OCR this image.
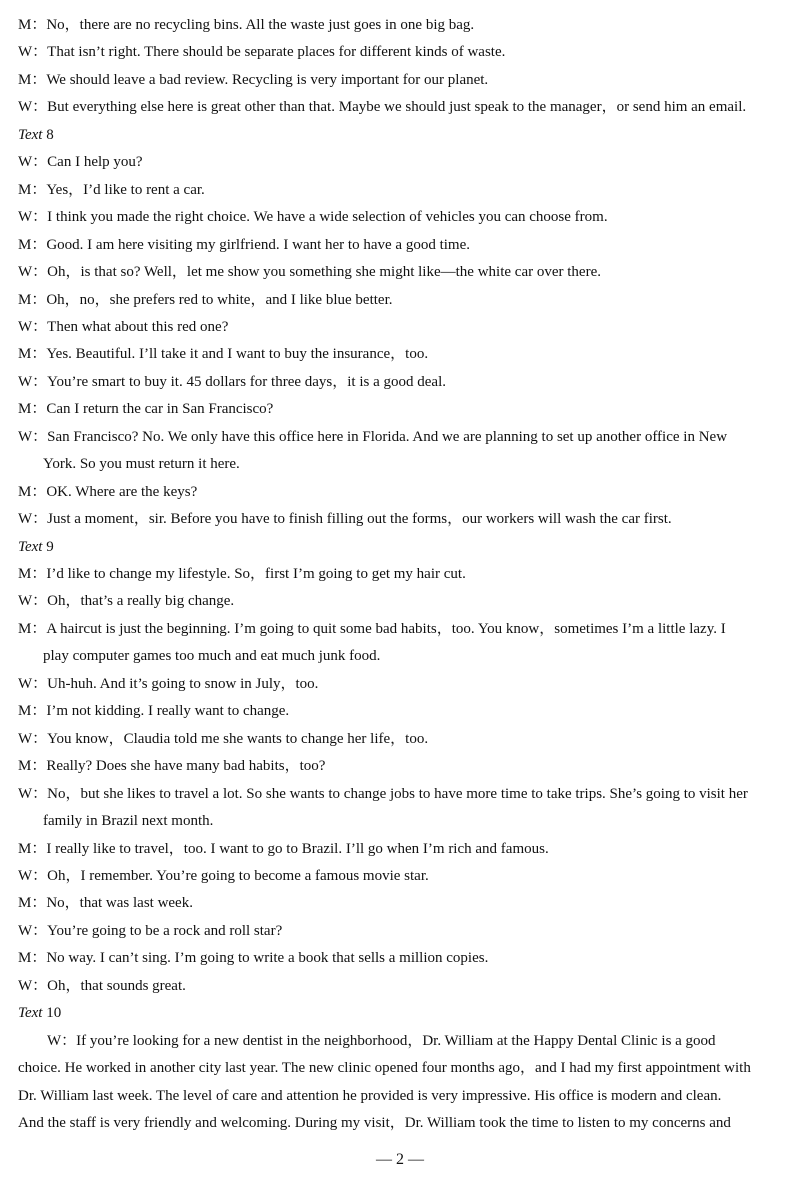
M：No，there are no recycling bins. All the waste just goes in one big bag.
W：That isn’t right. There should be separate places for different kinds of waste.
M：We should leave a bad review. Recycling is very important for our planet.
W：But everything else here is great other than that. Maybe we should just speak to the manager，or send him an email.
Text 8
W：Can I help you?
M：Yes，I’d like to rent a car.
W：I think you made the right choice. We have a wide selection of vehicles you can choose from.
M：Good. I am here visiting my girlfriend. I want her to have a good time.
W：Oh，is that so? Well，let me show you something she might like—the white car over there.
M：Oh，no，she prefers red to white，and I like blue better.
W：Then what about this red one?
M：Yes. Beautiful. I’ll take it and I want to buy the insurance，too.
W：You’re smart to buy it. 45 dollars for three days，it is a good deal.
M：Can I return the car in San Francisco?
W：San Francisco? No. We only have this office here in Florida. And we are planning to set up another office in New
York. So you must return it here.
M：OK. Where are the keys?
W：Just a moment，sir. Before you have to finish filling out the forms，our workers will wash the car first.
Text 9
M：I’d like to change my lifestyle. So，first I’m going to get my hair cut.
W：Oh，that’s a really big change.
M：A haircut is just the beginning. I’m going to quit some bad habits，too. You know，sometimes I’m a little lazy. I
play computer games too much and eat much junk food.
W：Uh-huh. And it’s going to snow in July，too.
M：I’m not kidding. I really want to change.
W：You know，Claudia told me she wants to change her life，too.
M：Really? Does she have many bad habits，too?
W：No，but she likes to travel a lot. So she wants to change jobs to have more time to take trips. She’s going to visit her
family in Brazil next month.
M：I really like to travel，too. I want to go to Brazil. I’ll go when I’m rich and famous.
W：Oh，I remember. You’re going to become a famous movie star.
M：No，that was last week.
W：You’re going to be a rock and roll star?
M：No way. I can’t sing. I’m going to write a book that sells a million copies.
W：Oh，that sounds great.
Text 10
W：If you’re looking for a new dentist in the neighborhood，Dr. William at the Happy Dental Clinic is a good
choice. He worked in another city last year. The new clinic opened four months ago，and I had my first appointment with
Dr. William last week. The level of care and attention he provided is very impressive. His office is modern and clean.
And the staff is very friendly and welcoming. During my visit，Dr. William took the time to listen to my concerns and
— 2 —
